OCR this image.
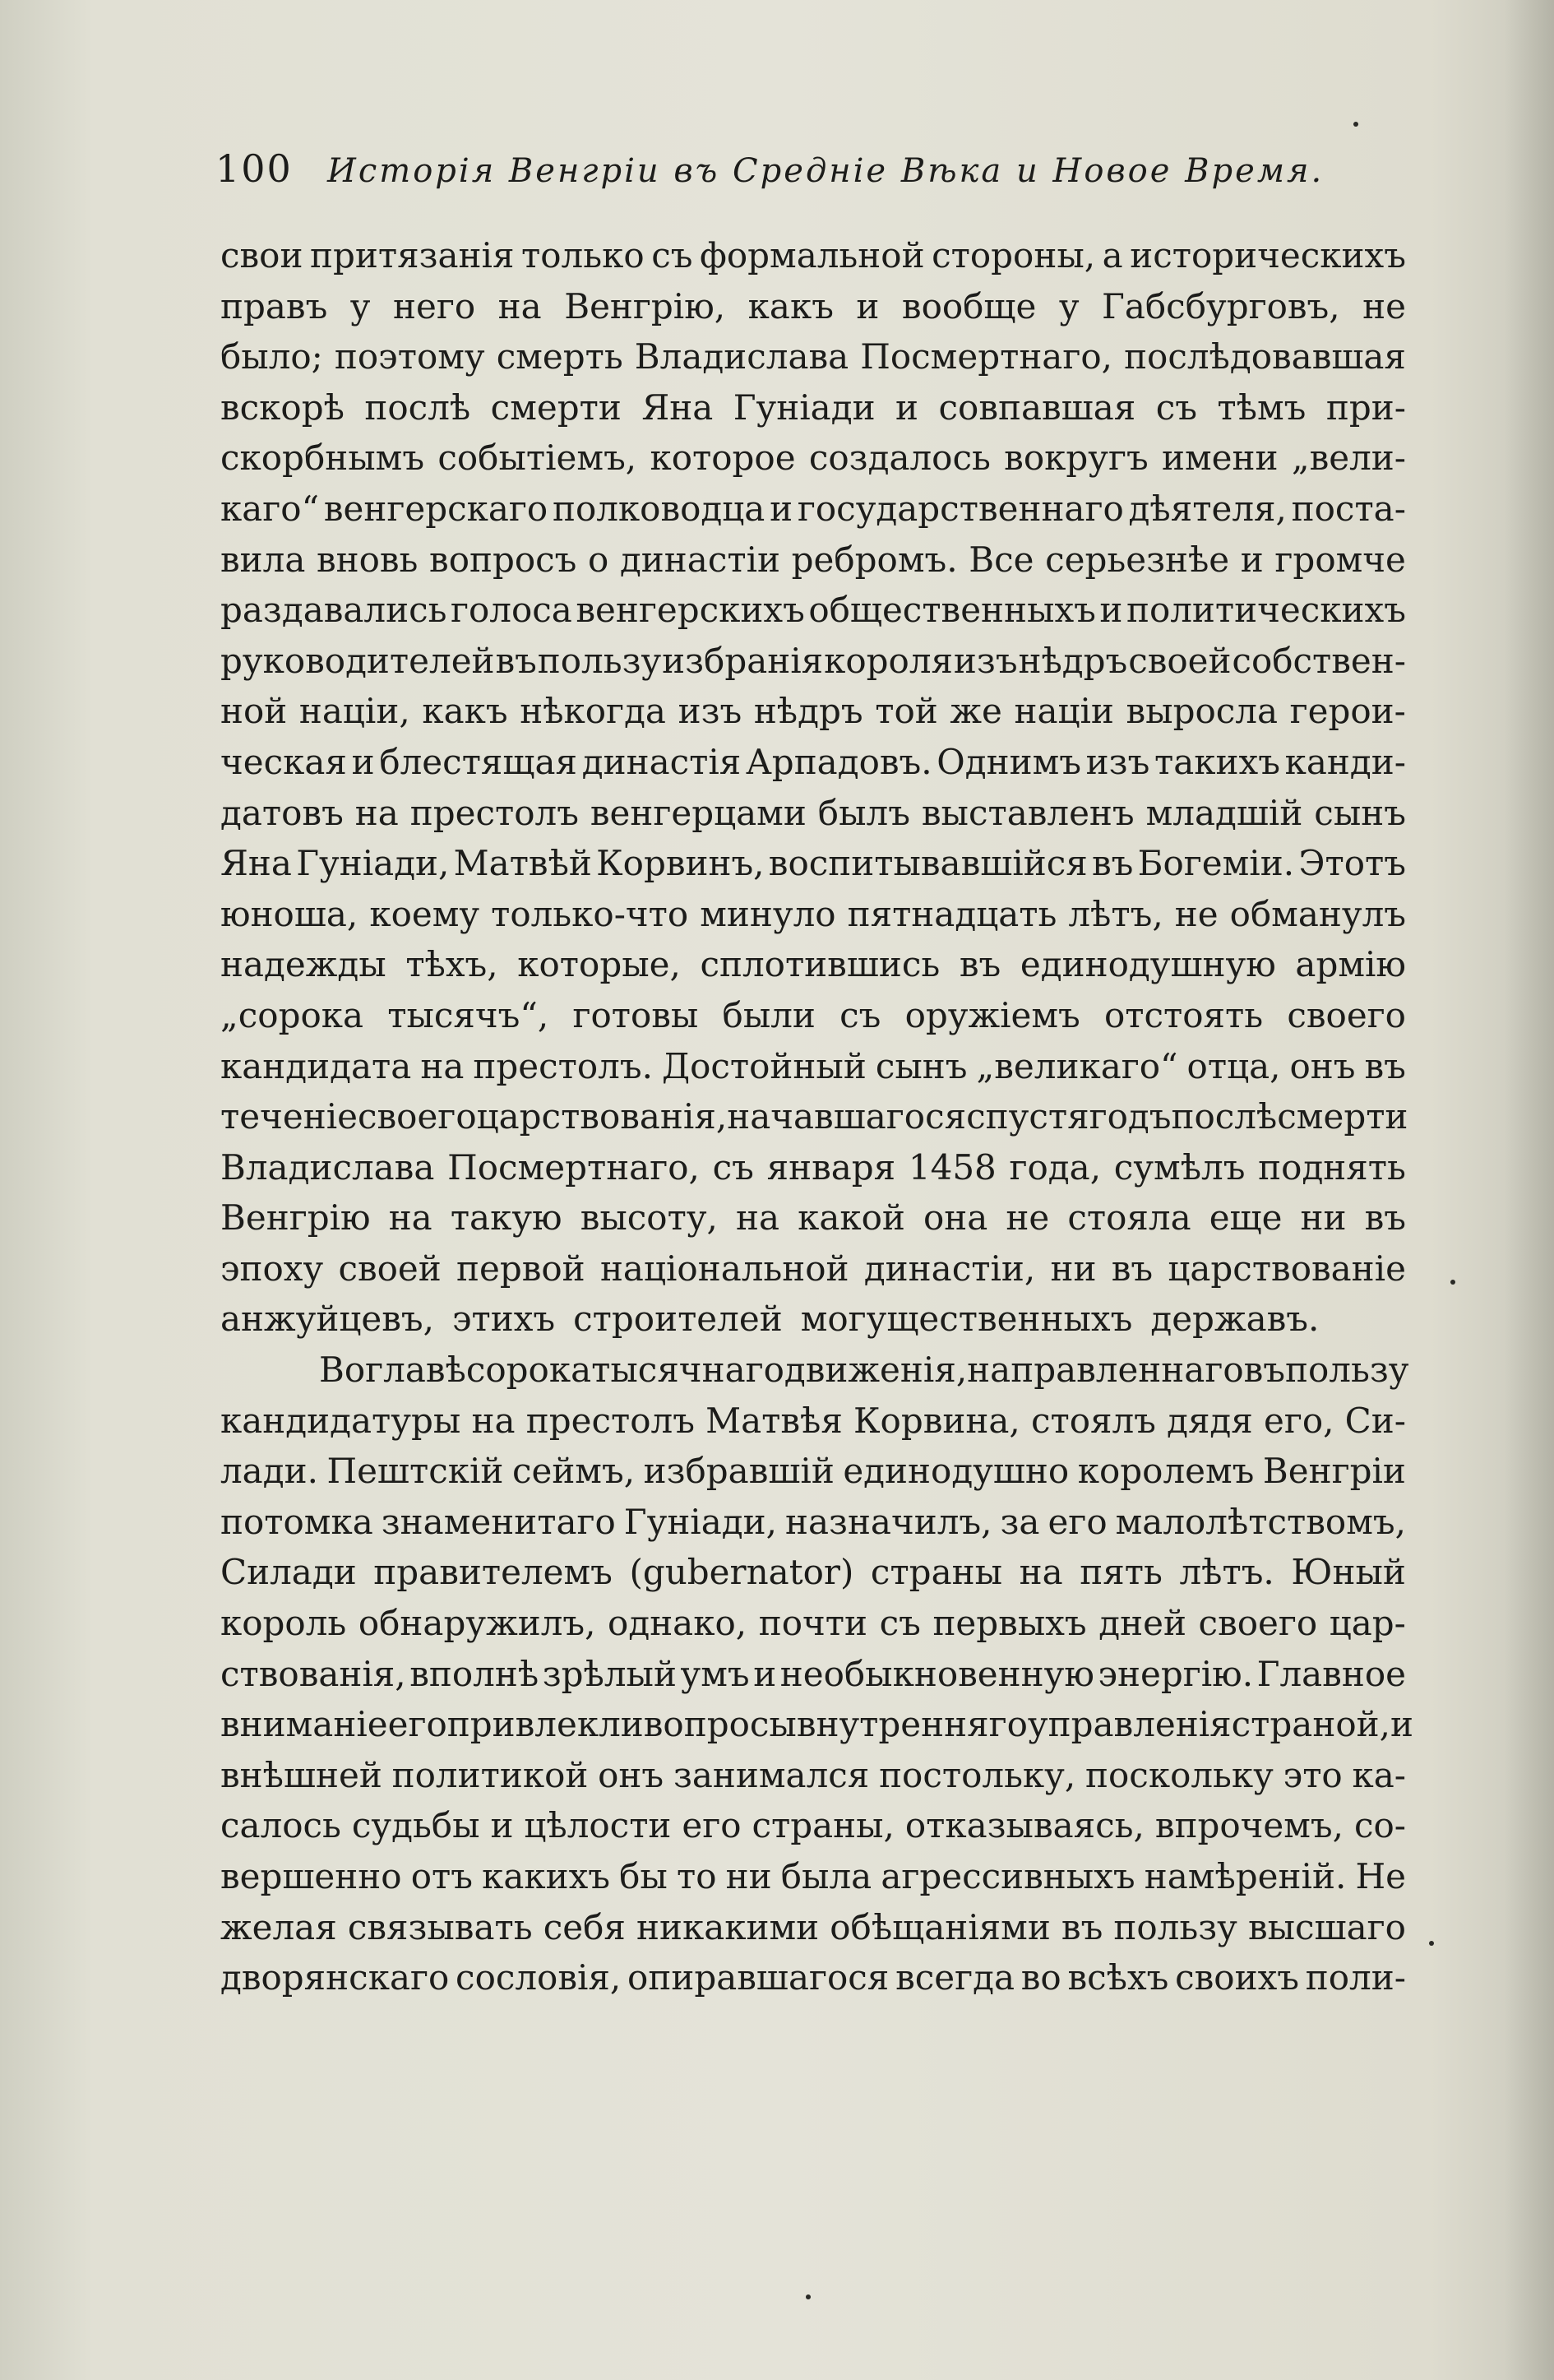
100 Исторія Венгріи въ Средніе Вѣка и Новое Время.
свои притязанія только съ формальной стороны, а историческихъ
правъ у него на Венгрію, какъ и вообще у Габсбурговъ, не
было; поэтому смерть Владислава Посмертнаго, послѣдовавшая
вскорѣ послѣ смерти Яна Гуніади и совпавшая съ тѣмъ при-
скорбнымъ событіемъ, которое создалось вокругъ имени „вели-
каго“ венгерскаго полководца и государственнаго дѣятеля, поста-
вила вновь вопросъ о династіи ребромъ. Все серьезнѣе и громче
раздавались голоса венгерскихъ общественныхъ и политическихъ
руководителей въ пользу избранія короля изъ нѣдръ своей собствен-
ной націи, какъ нѣкогда изъ нѣдръ той же націи выросла герои-
ческая и блестящая династія Арпадовъ. Однимъ изъ такихъ канди-
датовъ на престолъ венгерцами былъ выставленъ младшій сынъ
Яна Гуніади, Матвѣй Корвинъ, воспитывавшійся въ Богеміи. Этотъ
юноша, коему только-что минуло пятнадцать лѣтъ, не обманулъ
надежды тѣхъ, которые, сплотившись въ единодушную армію
„сорока тысячъ“, готовы были съ оружіемъ отстоять своего
кандидата на престолъ. Достойный сынъ „великаго“ отца, онъ въ
теченіе своего царствованія, начавшагося спустя годъ послѣ смерти
Владислава Посмертнаго, съ января 1458 года, сумѣлъ поднять
Венгрію на такую высоту, на какой она не стояла еще ни въ
эпоху своей первой національной династіи, ни въ царствованіе
анжуйцевъ, этихъ строителей могущественныхъ державъ.
Во главѣ сорокатысячнаго движенія, направленнаго въ пользу
кандидатуры на престолъ Матвѣя Корвина, стоялъ дядя его, Си-
лади. Пештскій сеймъ, избравшій единодушно королемъ Венгріи
потомка знаменитаго Гуніади, назначилъ, за его малолѣтствомъ,
Силади правителемъ (gubernator) страны на пять лѣтъ. Юный
король обнаружилъ, однако, почти съ первыхъ дней своего цар-
ствованія, вполнѣ зрѣлый умъ и необыкновенную энергію. Главное
вниманіе его привлекли вопросы внутренняго управленія страной, и
внѣшней политикой онъ занимался постольку, поскольку это ка-
салось судьбы и цѣлости его страны, отказываясь, впрочемъ, со-
вершенно отъ какихъ бы то ни была агрессивныхъ намѣреній. Не
желая связывать себя никакими обѣщаніями въ пользу высшаго
дворянскаго сословія, опиравшагося всегда во всѣхъ своихъ поли-
